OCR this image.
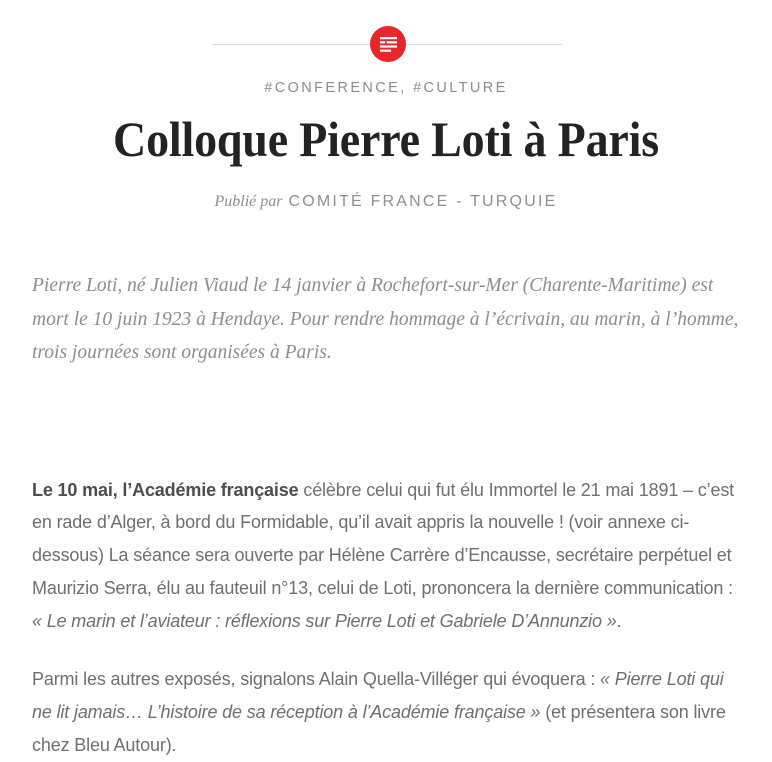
#CONFERENCE, #CULTURE
Colloque Pierre Loti à Paris
Publié par COMITÉ FRANCE - TURQUIE

Pierre Loti, né Julien Viaud le 14 janvier à Rochefort-sur-Mer (Charente-Maritime) est mort le 10 juin 1923 à Hendaye. Pour rendre hommage à l’écrivain, au marin, à l’homme, trois journées sont organisées à Paris.

Le 10 mai, l’Académie française célèbre celui qui fut élu Immortel le 21 mai 1891 – c’est en rade d’Alger, à bord du Formidable, qu’il avait appris la nouvelle ! (voir annexe ci-dessous) La séance sera ouverte par Hélène Carrère d’Encausse, secrétaire perpétuel et Maurizio Serra, élu au fauteuil n°13, celui de Loti, prononcera la dernière communication : « Le marin et l’aviateur : réflexions sur Pierre Loti et Gabriele D’Annunzio ».

Parmi les autres exposés, signalons Alain Quella-Villéger qui évoquera : « Pierre Loti qui ne lit jamais… L’histoire de sa réception à l’Académie française » (et présentera son livre chez Bleu Autour).
